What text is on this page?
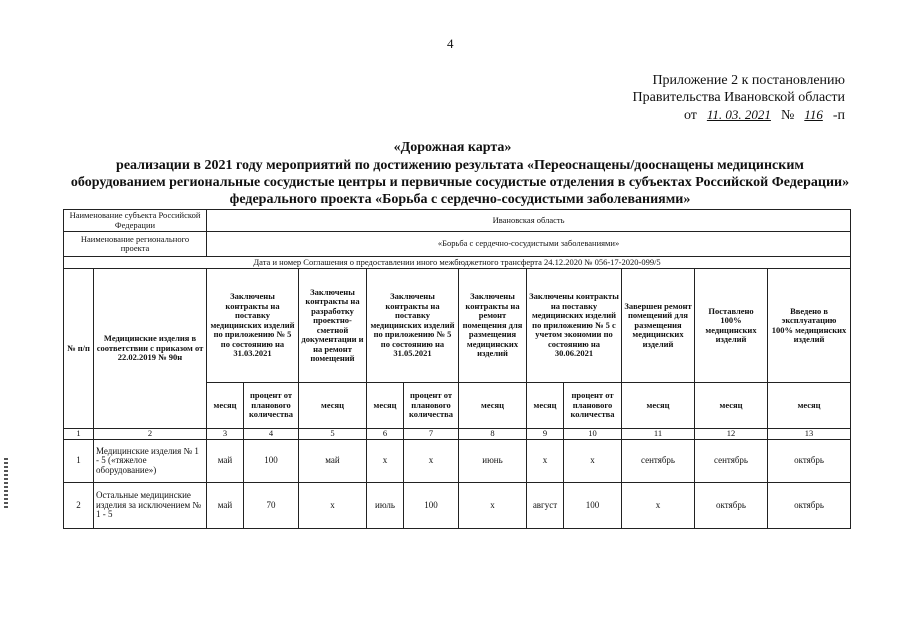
4
Приложение 2 к постановлению
Правительства Ивановской области
от 11. 03. 2021 № 116 -п
«Дорожная карта»
реализации в 2021 году мероприятий по достижению результата «Переоснащены/дооснащены медицинским оборудованием региональные сосудистые центры и первичные сосудистые отделения в субъектах Российской Федерации» федерального проекта «Борьба с сердечно-сосудистыми заболеваниями»
Наименование субъекта Российской Федерации		Ивановская область										
Наименование регионального проекта		«Борьба с сердечно-сосудистыми заболеваниями»										
Дата и номер Соглашения о предоставлении иного межбюджетного трансферта 24.12.2020 № 056-17-2020-099/5												
№ п/п	Медицинские изделия в соответствии с приказом от 22.02.2019 № 90н	Заключены контракты на поставку медицинских изделий по приложению № 5 по состоянию на 31.03.2021		Заключены контракты на разработку проектно-сметной документации и на ремонт помещений	Заключены контракты на поставку медицинских изделий по приложению № 5 по состоянию на 31.05.2021		Заключены контракты на ремонт помещения для размещения медицинских изделий	Заключены контракты на поставку медицинских изделий по приложению № 5 с учетом экономии по состоянию на 30.06.2021		Завершен ремонт помещений для размещения медицинских изделий	Поставлено 100% медицинских изделий	Введено в эксплуатацию 100% медицинских изделий
		месяц	процент от планового количества	месяц	месяц	процент от планового количества	месяц	месяц	процент от планового количества	месяц	месяц	месяц
1	2	3	4	5	6	7	8	9	10	11	12	13
1	Медицинские изделия № 1 - 5 («тяжелое оборудование»)	май	100	май	х	х	июнь	х	х	сентябрь	сентябрь	октябрь
2	Остальные медицинские изделия за исключением № 1 - 5	май	70	х	июль	100	х	август	100	х	октябрь	октябрь
